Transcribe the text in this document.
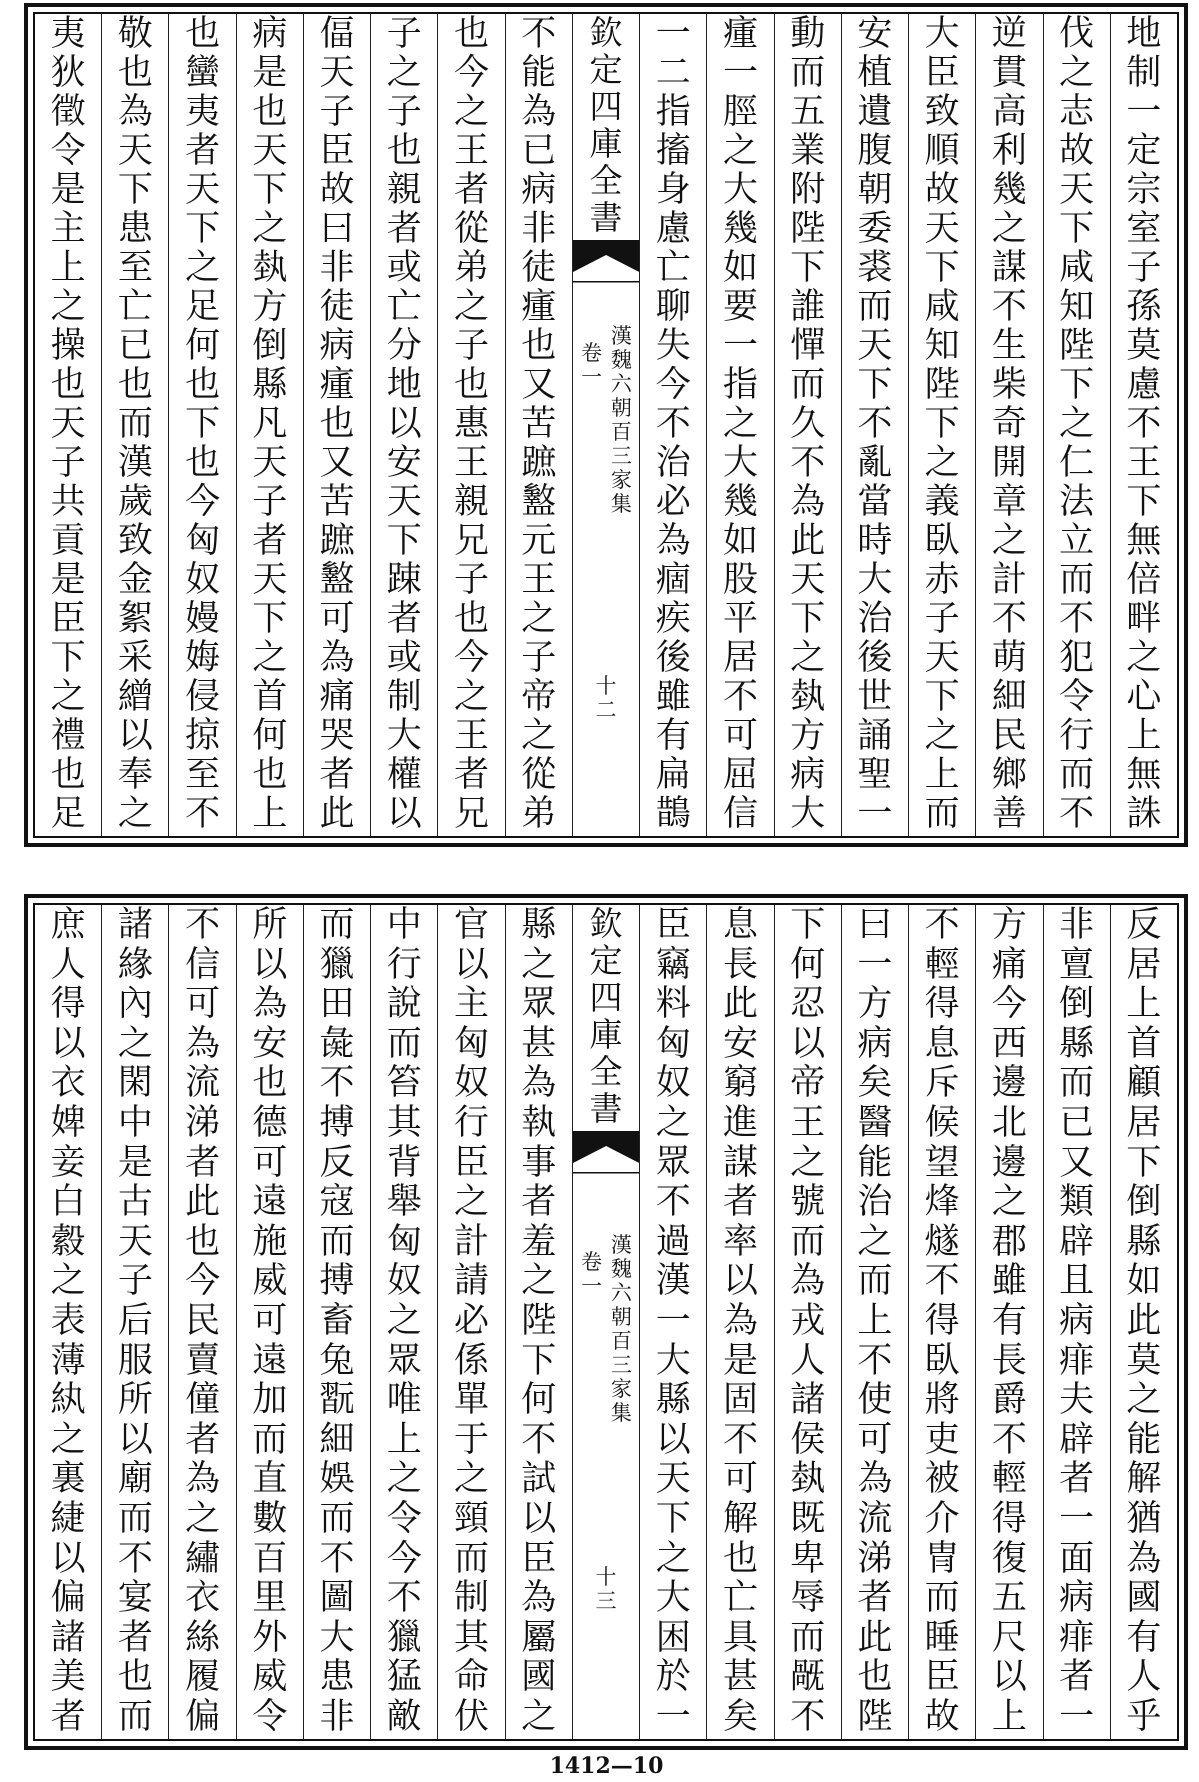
地制一定宗室子孫莫慮不王下無倍畔之心上無誅
伐之志故天下咸知陛下之仁法立而不犯令行而不
逆貫高利幾之謀不生柴奇開章之計不萌細民鄉善
大臣致順故天下咸知陛下之義臥赤子天下之上而
安植遺腹朝委裘而天下不亂當時大治後世誦聖一
動而五業附陛下誰憚而久不為此天下之埶方病大
瘇一脛之大幾如要一指之大幾如股平居不可屈信
一二指搐身慮亡聊失今不治必為痼疾後雖有扁鵲
欽定四庫全書
漢魏六朝百三家集
卷一
十二
不能為已病非徒瘇也又苦蹠盭元王之子帝之從弟
也今之王者從弟之子也惠王親兄子也今之王者兄
子之子也親者或亡分地以安天下踈者或制大權以
偪天子臣故曰非徒病瘇也又苦蹠盭可為痛哭者此
病是也天下之埶方倒縣凡天子者天下之首何也上
也蠻夷者天下之足何也下也今匈奴嫚娒侵掠至不
敬也為天下患至亡已也而漢歲致金絮采繒以奉之
夷狄徵令是主上之操也天子共貢是臣下之禮也足
反居上首顧居下倒縣如此莫之能解猶為國有人乎
非亶倒縣而已又類辟且病痱夫辟者一面病痱者一
方痛今西邊北邊之郡雖有長爵不輕得復五尺以上
不輕得息斥候望烽燧不得臥將吏被介冑而睡臣故
曰一方病矣醫能治之而上不使可為流涕者此也陛
下何忍以帝王之號而為戎人諸侯埶既卑辱而旤不
息長此安窮進謀者率以為是固不可解也亡具甚矣
臣竊料匈奴之眾不過漢一大縣以天下之大困於一
欽定四庫全書
漢魏六朝百三家集
卷一
十三
縣之眾甚為執事者羞之陛下何不試以臣為屬國之
官以主匈奴行臣之計請必係單于之頸而制其命伏
中行說而笞其背舉匈奴之眾唯上之令今不獵猛敵
而獵田彘不搏反寇而搏畜兔翫細娛而不圖大患非
所以為安也德可遠施威可遠加而直數百里外威令
不信可為流涕者此也今民賣僮者為之繡衣絲履偏
諸緣內之閑中是古天子后服所以廟而不宴者也而
庶人得以衣婢妾白縠之表薄紈之裏緁以偏諸美者
1412—10
